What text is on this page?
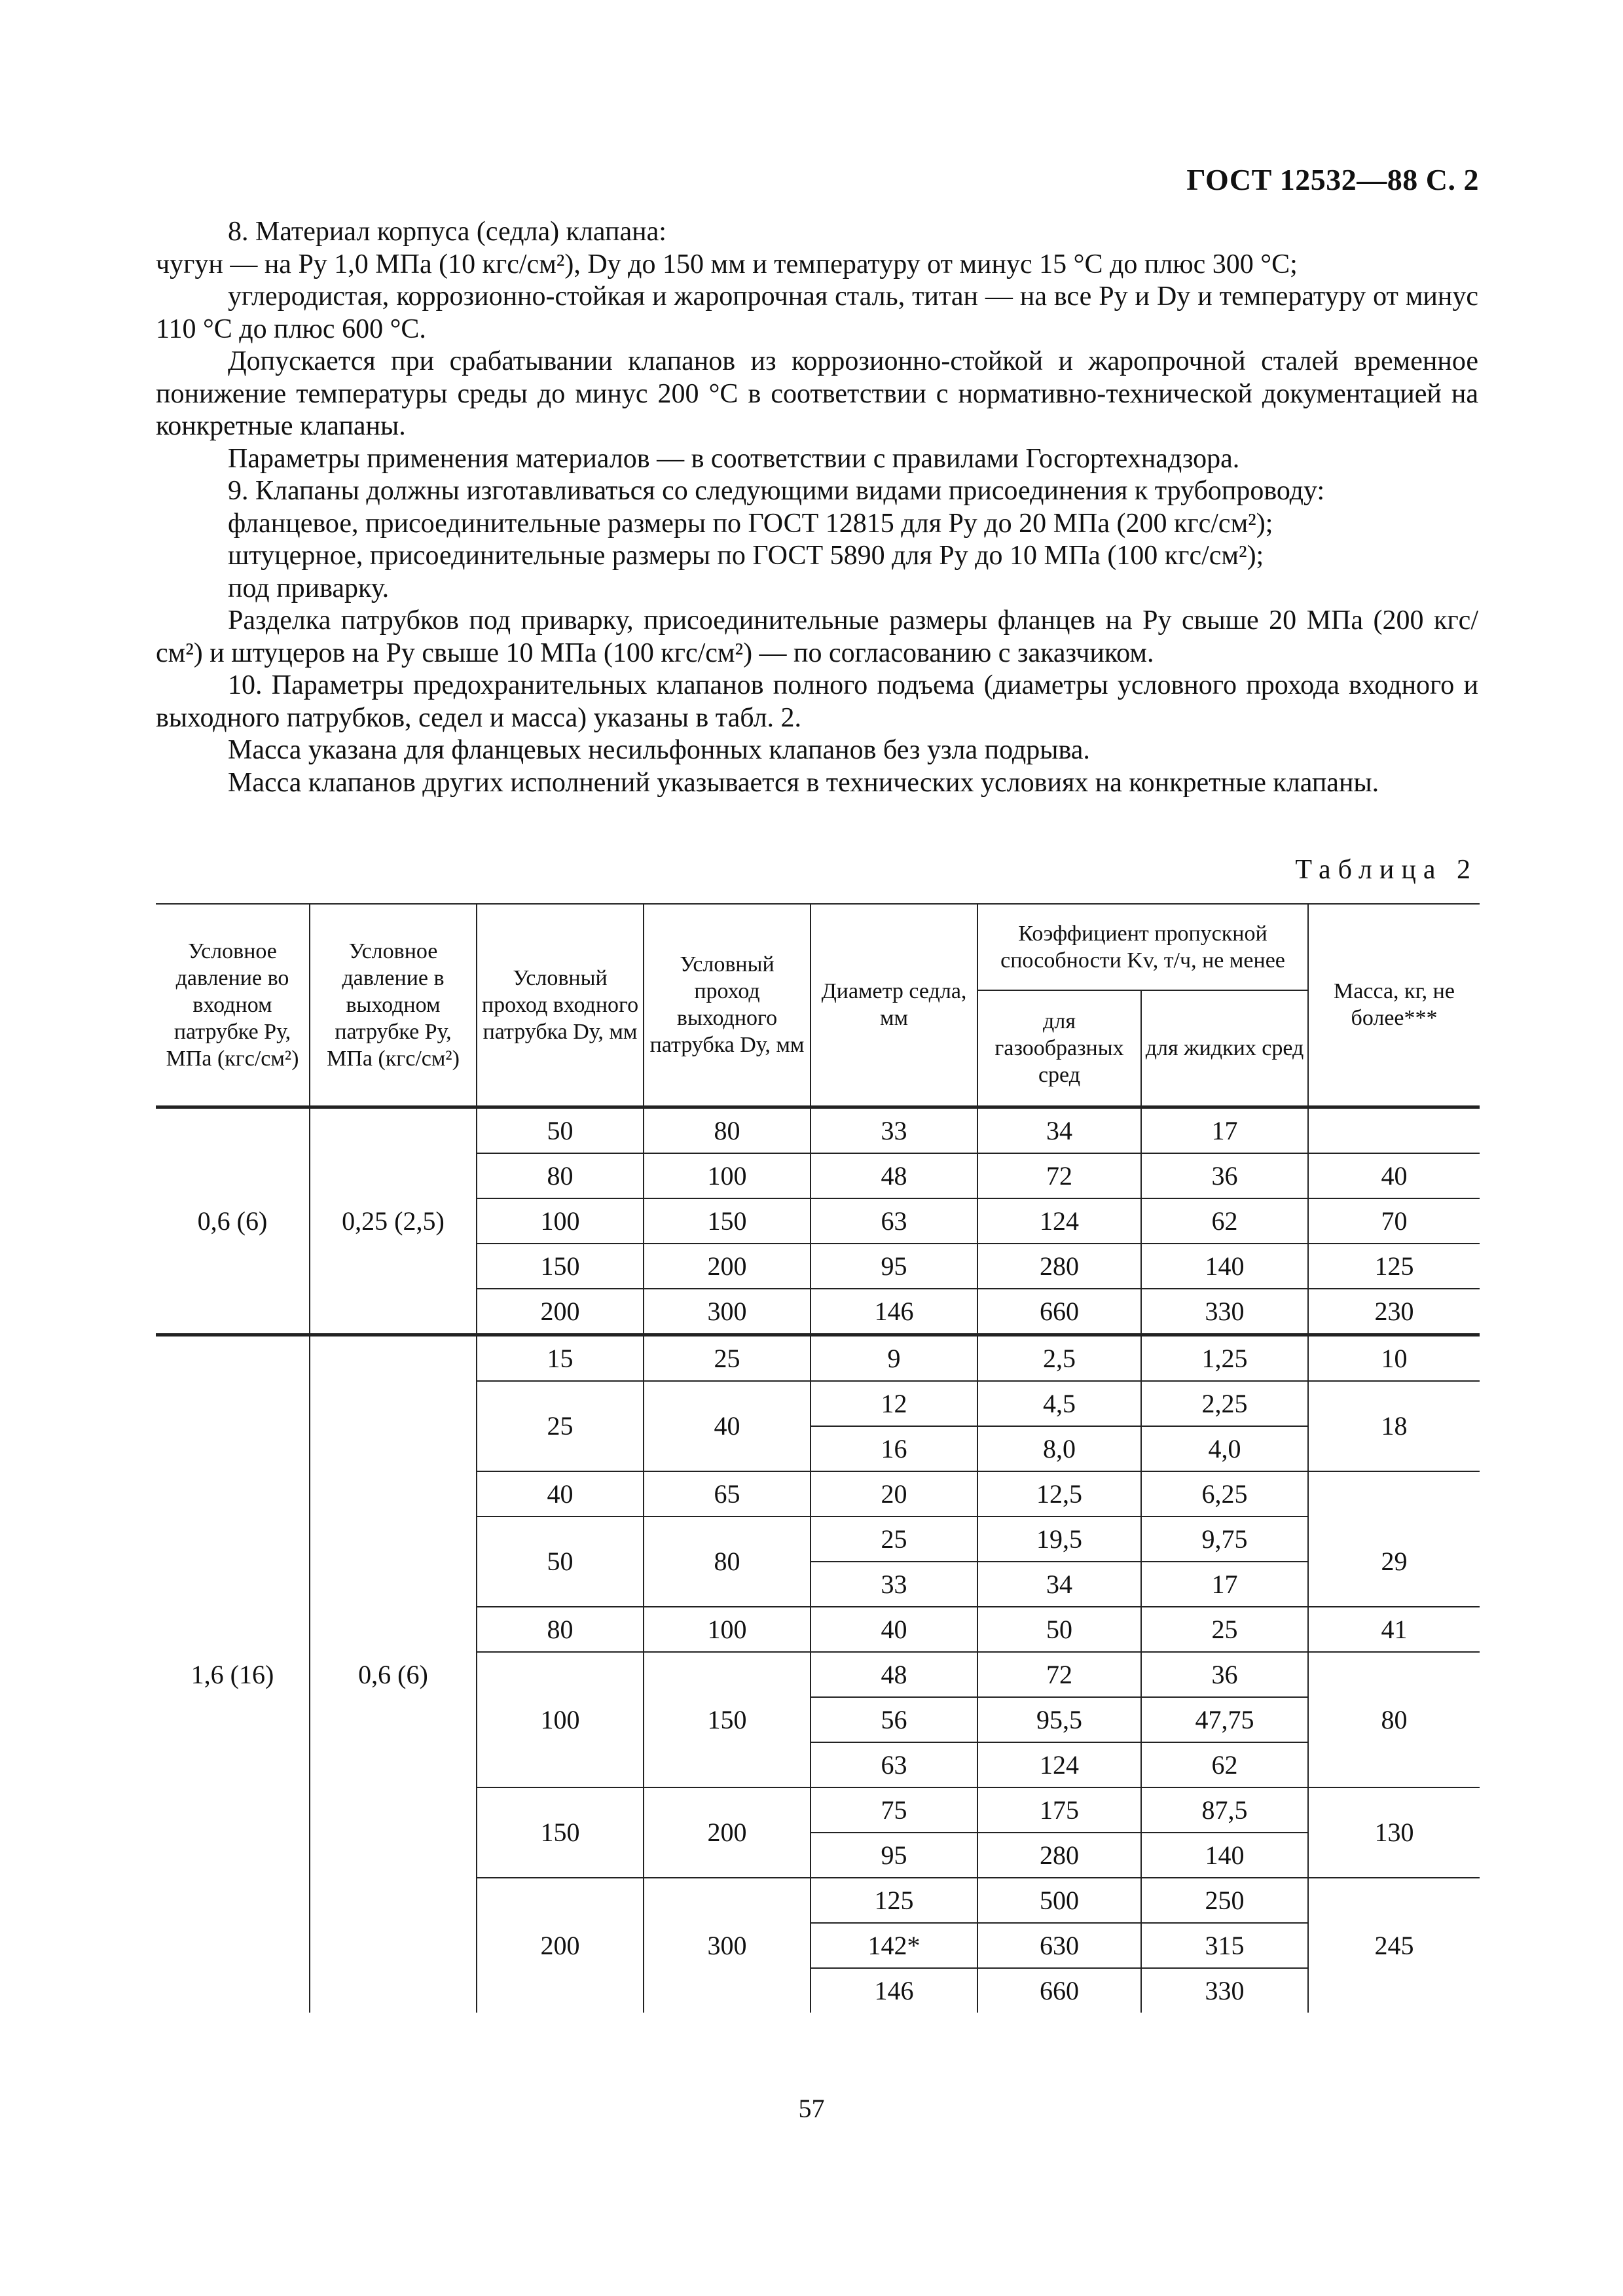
ГОСТ 12532—88 С. 2

8. Материал корпуса (седла) клапана:

чугун — на Pу 1,0 МПа (10 кгс/см²), Dу до 150 мм и температуру от минус 15 °С до плюс 300 °С;

углеродистая, коррозионно-стойкая и жаропрочная сталь, титан — на все Pу и Dу и температуру от минус 110 °С до плюс 600 °С.

Допускается при срабатывании клапанов из коррозионно-стойкой и жаропрочной сталей временное понижение температуры среды до минус 200 °С в соответствии с нормативно-технической документацией на конкретные клапаны.

Параметры применения материалов — в соответствии с правилами Госгортехнадзора.

9. Клапаны должны изготавливаться со следующими видами присоединения к трубопроводу:

фланцевое, присоединительные размеры по ГОСТ 12815 для Pу до 20 МПа (200 кгс/см²);

штуцерное, присоединительные размеры по ГОСТ 5890 для Pу до 10 МПа (100 кгс/см²);

под приварку.

Разделка патрубков под приварку, присоединительные размеры фланцев на Pу свыше 20 МПа (200 кгс/см²) и штуцеров на Pу свыше 10 МПа (100 кгс/см²) — по согласованию с заказчиком.

10. Параметры предохранительных клапанов полного подъема (диаметры условного прохода входного и выходного патрубков, седел и масса) указаны в табл. 2.

Масса указана для фланцевых несильфонных клапанов без узла подрыва.

Масса клапанов других исполнений указывается в технических условиях на конкретные клапаны.

Таблица 2
Условное давление во входном патрубке Pу, МПа (кгс/см²)	Условное давление в выходном патрубке Pу, МПа (кгс/см²)	Условный проход входного патрубка Dу, мм	Условный проход выходного патрубка Dу, мм	Диаметр седла, мм	Коэффициент пропускной способности Kv, т/ч, не менее		Масса, кг, не более***
					для газообразных сред	для жидких сред	
0,6 (6)	0,25 (2,5)	50	80	33	34	17	
		80	100	48	72	36	40
		100	150	63	124	62	70
		150	200	95	280	140	125
		200	300	146	660	330	230
1,6 (16)	0,6 (6)	15	25	9	2,5	1,25	10
		25	40	12	4,5	2,25	18
				16	8,0	4,0	
		40	65	20	12,5	6,25	
		50	80	25	19,5	9,75	29
				33	34	17	
		80	100	40	50	25	41
		100	150	48	72	36	80
				56	95,5	47,75	
				63	124	62	
		150	200	75	175	87,5	130
				95	280	140	
		200	300	125	500	250	245
				142*	630	315	
				146	660	330	
57
